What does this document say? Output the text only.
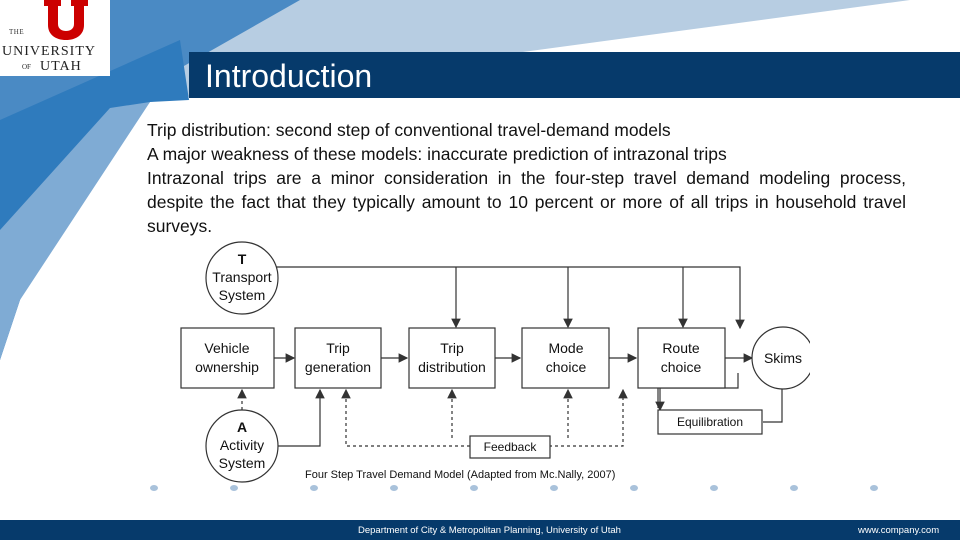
THE
UNIVERSITY
OF UTAH	Introduction

Trip distribution: second step of conventional travel-demand models

A major weakness of these models: inaccurate prediction of intrazonal trips

Intrazonal trips are a minor consideration in the four-step travel demand modeling process, despite the fact that they typically amount to 10 percent or more of all trips in household travel surveys.

T
Transport
System
Vehicle
ownership
Trip
generation
Trip
distribution
Mode
choice
Route
choice
Skims
Equilibration
Feedback
A
Activity
System
Four Step Travel Demand Model (Adapted from Mc.Nally, 2007)
Department of City & Metropolitan Planning, University of Utah	www.company.com
